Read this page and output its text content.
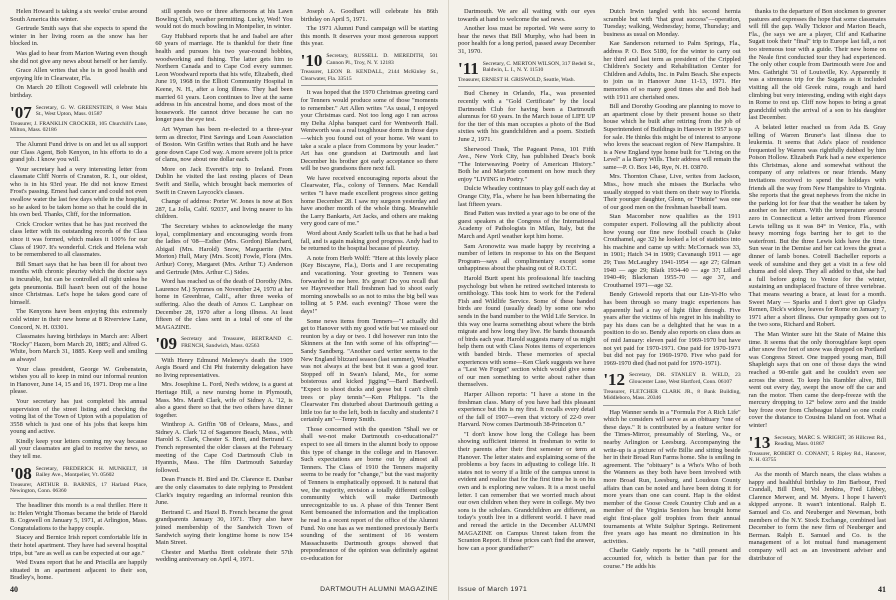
Helen Howard is taking a six weeks' cruise around South America this winter.

Gertrude Smith says that she expects to spend the winter in her living room as the snow has her blocked in.

Was glad to hear from Marion Waring even though she did not give any news about herself or her family.

Grace Allen writes that she is in good health and enjoying life in Clearwater, Fla.

On March 20 Elliott Cogswell will celebrate his birthday.

'07 Secretary, G. W. GREENSTEIN, 8 West Main St., West Upton, Mass. 01587
Treasurer, J. FRANKLIN CROCKER, 105 Churchill's Lane, Milton, Mass. 02186

The Alumni Fund drive is on and let us all support our Class Agent, Bob Kenyon, in his efforts to do a grand job. I know you will.

Your secretary had a very interesting letter from classmate Cliff Norris of Cranston, R. I., our oldest, who is in his 93rd year. He did not know Ernest Frost's passing. Ernest had cancer and could not even swallow water the last few days while in the hospital, so he asked to be taken home so that he could die in his own bed. Thanks, Cliff, for the information.

Crick Crocker writes that he has just received the class letter with its outstanding records of the Class since it was formed, which makes it 100% for our Class of 1907. It's wonderful. Crick and Helena wish to be remembered to all classmates.

Bill Smart says that he has been ill for about two months with chronic pleurisy which the doctor says is incurable, but can be controlled all right unless he gets pneumonia. Bill hasn't been out of the house since Christmas. Let's hope he takes good care of himself.

The Kenyons have been enjoying this extremely cold winter in their new home at 8 Riverview Lane, Concord, N. H. 03301.

Classmates having birthdays in March are: Albert "Rocky" Hazen, born March 20, 1885; and Alfred G. White, born March 31, 1885. Keep well and smiling as always!

Your class president, George W. Grebenstein, wishes you all to keep in mind our informal reunion in Hanover, June 14, 15 and 16, 1971. Drop me a line please.

Your secretary has just completed his annual supervision of the street listing and checking the voting list of the Town of Upton with a population of 3558 which is just one of his jobs that keeps him young and active.

Kindly keep your letters coming my way because all your classmates are glad to receive the news, so they tell me.

'08 Secretary, FREDERICK H. MUNKELT, 18 Bailey Ave., Montpelier, Vt. 05602
Treasurer, ARTHUR B. BARNES, 17 Harland Place, Newington, Conn. 06360

The headliner this month is a real thriller. Here it is: Helen Wright Thomas became the bride of Harold B. Cogswell on January 5, 1971, at Arlington, Mass. Congratulations to the happy couple.

Stacey and Bernice Irish report comfortable life in their hotel apartment. They have had several hospital trips, but "are as well as can be expected at our age."

Wed Evans report that he and Priscilla are happily situated in an apartment adjacent to their son, Bradley's, home.

still spends two or three afternoons at his Lawn Bowling Club, weather permitting. Lucky, Wed! You would not do much bowling in Montpelier, in winter.

Guy Hubbard reports that he and Isabel are after 60 years of marriage. He is thankful for their fine health and pursues his two year-round hobbies, woodworking and fishing. The latter gets him to Northern Canada and to Cape Cod every summer. Leon Woodward reports that his wife, Elizabeth, died June 19, 1968 in the Elliott Community Hospital in Keene, N. H., after a long illness. They had been married 61 years. Leon continues to live at the same address in his ancestral home, and does most of the housework. He cannot drive because he can no longer pass the eye test.

Art Wyman has been re-elected to a three-year term as director, First Savings and Loan Association of Boston. Win Griffin writes that Ruth and he have gone down Cape Cod way. A more severe jolt is price of clams, now about one dollar each.

More on Jack Everett's trip to Ireland. From Dublin he visited the last resting places of Dean Swift and Stella, which brought back memories of Swift in Craven Laycock's classes.

Change of address: Porter W. Jones is now at Box 287, La Jolla, Calif. 92037, and living nearer to his children.

The Secretary wishes to acknowledge the many loyal, complimentary and encouraging words from the ladies of '08—Esther (Mrs. Gordon) Blanchard, Abigail (Mrs. Harold) Snow, Marguerite (Mrs. Morton) Hull, Mary (Mrs. Scott) Fowle, Flora (Mrs. Arthur) Corey, Margaret (Mrs. Arthur T.) Anderson and Gertrude (Mrs. Arthur C.) Sides.

Word has reached us of the death of Dorothy (Mrs. Laurence M.) Symmes on November 24, 1970 at her home in Greenbrae, Calif., after three weeks of suffering. Also the death of Amos C. Lanphear on December 28, 1970 after a long illness. At least fifteen of the class sent in a total of one of the MAGAZINE.

'09 Secretary and Treasurer, BERTRAND C. FRENCH, Sandwich, Mass. 02563

With Henry Edmund Meleney's death the 1909 Aegis Board and Chi Phi fraternity delegation have no living representatives.

Mrs. Josephine L. Ford, Ned's widow, is a guest at Heritage Hill, a new nursing home in Plymouth, Mass. Mrs. Mardi Clark, wife of Sidney A. '12, is also a guest there so that the two others have dinner together.

Winthrop A. Griffin '08 of Orleans, Mass., and Sidney A. Clark '12 of Sagamore Beach, Mass., with Harold S. Clark, Chester S. Brett, and Bertrand C. French represented the older classes at the February meeting of the Cape Cod Dartmouth Club in Hyannis, Mass. The film Dartmouth Saturday followed.

Dean Francis H. Bird and Dr. Clarence E. Dunbar are the only classmates to date replying to President Clark's inquiry regarding an informal reunion this June.

Bertrand C. and Hazel B. French became the great grandparents January 30, 1971. They also have joined membership of the Sandwich Town of Sandwich saying their longtime home is now 154 Main Street.

Chester and Martha Brett celebrate their 57th wedding anniversary on April 4, 1971.

Joseph A. Goodhart will celebrate his 86th birthday on April 5, 1971.

The 1971 Alumni Fund campaign will be starting this month. It deserves your most generous support this year.

'10 Secretary, RUSSELL D. MEREDITH, 501 Cannon Pl., Troy, N. Y. 12183
Treasurer, LEON B. KENDALL, 2144 McKinley St., Clearwater, Fla. 33515

It was hoped that the 1970 Christmas greeting card for Tenners would produce some of those "moments to remember." Art Allen writes "As usual, I enjoyed your Christmas card. Not too long ago I ran across my Delta Alpha banquet card for Wentworth Hall. Wentworth was a real toughhouse dorm in those days—which you found out of your home. We want to take a scale a place from Commons by your leader." Art has one grandson at Dartmouth and last December his brother got early acceptance so there will be two grandsons there next fall.

We have received encouraging reports about the Clearwater, Fla., colony of Tenners. Mac Kendall writes "I have made excellent progress since getting home December 28. I saw my surgeon yesterday and have another month of the whole thing. Meanwhile the Larry Bankarts, Art Jacks, and others are making very good care of me."

Word about Andy Scarlett tells us that he had a bad fall, and is again making good progress. Andy had to be returned to the hospital because of pleurisy.

A note from Herb Wolff: "Here at this lovely place (Key Biscayne, Fla.), Doris and I are recuperating and vacationing. Your greeting to Tenners was forwarded to me here. It's great! Do you recall that we Hayrewether Hall freshmen had to shoot early morning snowballs so as not to miss the big bell was tolling at 5 P.M. each evening? Those were the days!"

Some news items from Tenners—"I actually did get to Hanover with my good wife but we missed our reunion by a day or two. I did however run into the Skinners at the Inn with some of his offspring"—Sandy Sandberg. "Another card writer seems to the New England blizzard season (last summer), Weather was not always at the best but it was a good tour. Stopped off in Swan's Island, Me., for some boisterous and kicked jigging"—Bard Bardwell. "Expect to shoot ducks and geese but I can't climb trees or play tennis"—Ken Philipps. "Is the Clearwater I'm disturbed about Dartmouth getting a little too far to the left, both in faculty and students? I certainly am"—Tenny Smith.

Those concerned with the question "Shall we or shall we-not make Dartmouth co-educational?" expect to see all timers in the alumni body to oppose this type of change in the college and in Hanover. Such expectations are borne out by almost all Tenners. The Class of 1910 the Tenners majority seems to be ready for "change," but the vast majority of Tenners is emphatically opposed. It is natural that we, the majority, envision a totally different college community which will make Dartmouth unrecognizable to us. A phase of this Tenner Bent Kent bemoaned the information and the implication he read in a recent report of the office of the Alumni Fund. No one has as we mentioned previously Bert's sounding of the sentiment of 16 western Massachusetts Dartmouth groups showed that preponderance of the opinion was definitely against co-education for

40	DARTMOUTH ALUMNI MAGAZINE

Dartmouth. We are all waiting with our eyes towards at hand to welcome the sad news.

Another loss must be reported. We were sorry to hear the news that Bill Murphy, who had been in poor health for a long period, passed away December 31, 1970.

'11 Secretary, C. MERTON WILSON, 317 Bedell St., Baldwin, L. I., N. Y. 11510
Treasurer, ERNEST H. GRISWOLD, Seattle, Wash.

Bud Cheney in Orlando, Fla., was presented recently with a "Gold Certificate" by the local Dartmouth Club for having been a Dartmouth alumnus for 60 years. In the March issue of LIFE UP for the tier of this man occupies a photo of the Bud sixties with his grandchildren and a poem. Sixtieth June 2, 1971.

Sherwood Trask, The Pageant Press, 101 Fifth Ave., New York City, has published Deac's book "The Interweaving Poetry of American History." Both he and Marjorie comment on how much they enjoy "LIVING in Poetry."

Dulcie Wheatley continues to play golf each day at Orange City, Fla., where he has been hibernating the last fifteen years.

Brad Patten was invited a year ago to be one of the guest speakers at the Congress of the International Academy of Pathologists in Milan, Italy, but the March and April weather kept him home.

Sam Aronowitz was made happy by receiving a number of letters in response to his on the Bequest Program—says all complimentary except some unhappiness about the phasing out of R.O.T.C.

Harold Burtt spent his professional life teaching psychology but when he retired switched interests to ornithology. This took him to work for the Federal Fish and Wildlife Service. Some of these banded birds are found (usually dead) by some one who sends in the band number to the Wild Life Service. In this way one learns something about where the birds migrate and how long they live. He bands thousands of birds each year. Harold suggests many of us might help them out with Class Notes items of experiences with banded birds. These memories of special experiences with some—Ken Clark suggests we have a "Lest We Forget" section which would give some of our men something to write about rather than themselves.

Harper Allison reports: "I have a stone in the freshman class. Many of you have had this pleasant experience but this is my first. It recalls every detail of the fall of 1907—even that victory of 22-0 over Harvard. Now comes Dartmouth 38-Princeton 0."

"I don't know how long the College has been showing sufficient interest in freshman to write to their parents after their first semester or term at Hanover. The letter states and explaining some of the problems a boy faces in adjusting to college life. It states not to worry if a little of the campus unrest is evident and realize that for the first time he is on his own and is exploring new values. It is a most useful letter. I can remember that we worried much about our own children when they were in college. My two sons is the scholars. Grandchildren are different, as today's youth live in a different world. I have read and reread the article in the December ALUMNI MAGAZINE on Campus Unrest taken from the Scranton Report. If those prices can't find the answer, how can a poor grandfather?"

Dutch Irwin tangled with his second hernia scramble but with "that great success"—operation, Tuesday; walking, Wednesday; home, Thursday; and business as usual on Monday.

Kae Sanderson returned to Palm Springs, Fla., address P. O. Box 5180, for the winter to carry out her third and last term as president of the Crippled Children's Society and Rehabilitation Center for Children and Adults, Inc. in Palm Beach. She expects to join us in Hanover June 11-13, 1971. Her memories of so many good times she and Bob had with 1911 are cherished ones.

Bill and Dorothy Gooding are planning to move to an apartment close by their present house so their house which he built after retiring from the job of Superintendent of Buildings in Hanover in 1957 is up for sale. He thinks this might be of interest to anyone who loves the seacoast region of New Hampshire. It is a New England type home built for "Living on the Level" a la Barry Wills. Their address will remain the same—P. O. Box 146, Rye, N. H. 03870.

Mrs. Thornton Chase, Live, writes from Jackson, Miss., how much she misses the Burlachs who usually stopped to visit them on their way to Florida. Their younger daughter, Glenn, or "Heinie" was one of our good men on the freshman baseball team.

Stan Macomber now qualifies as the 1911 computer expert. Following all the publicity about how young our fine new football coach is (Jake Crouthamel, age 32) he looked a lot of statistics into his machine and came up with: McCornack was 33, in 1901; Hatch 34 in 1909; Cavanaugh 1911 — age 29; Tuss McLaughry 1941-1954 — age 27; Gilman 1940 — age 29; Blaik 1934-40 — age 37; Lillard 1940-49; Blackman 1955-70 — age 37, and Crouthamel 1971—age 32.

Bendy Griswold reports that our Lin-Yi-Ho who has been through so many tragic experiences has apparently had a ray of light filter through. Five years after the victims of his regret in his inability to pay his dues can be a delighted that he was in a position to do so. Bendy also reports on class dues as of mid January: eleven paid for 1969-1970 but have not yet paid for 1970-1971. One paid for 1970-1971 but did not pay for 1969-1970. Five who paid for 1969-1970 died (had not paid for 1970-1971).

'12 Secretary, DR. STANLEY B. WELD, 23 Gloucester Lane, West Hartford, Conn. 06107
Treasurer, FLETCHER CLARK JR., 8 Bank Building, Middleboro, Mass. 20346

Hap Wanner sends in a "Formula For A Rich Life" which he considers will serve as an obituary "one of these days." It is contributed by a feature writer for the Times-Mirror, presumably of Sterling, Va., or nearby Arlington or Leesburg. Accompanying the write-up is a picture of wife Billie and sitting beside her in their Broad Run Farms home. She is smiling in agreement. The "obituary" is a Who's Who of both the Wanners as they both have been involved with more Broad Run, Leesburg, and Loudoun County affairs than can be noted and have been doing it for more years than one can count. Hap is the oldest member of the Goose Creek Country Club and as a member of the Virginia Seniors has brought home eight first-place golf trophies from their annual tournaments at White Sulphur Springs. Retirement five years ago has meant no diminution in his activities.

Charlie Gately reports he is "still present and accounted for, which is better than par for the course." He adds his

thanks to the departure of Bon stockmen to greener pastures and expresses the hope that some classmates will fill the gap. Wally Ticknor and Marion Beach, Fla., (he says we are a player, Clif and Katharine Sugatt took their "final" trip to Europe last fall, a not too strenuous tour with a guide. Their new home on the Neale first conducted tour they had experienced. The only other couple from Dartmouth were Joe and Mrs. Gathright '31 of Louisville, Ky. Apparently it was a strenuous trip for the Sugatts as it included visiting all the old Greek ruins, rough and hard climbing but very interesting, ending with eight days in Rome to rest up. Cliff now hopes to bring a great grandchild with the arrival of a son to his daughter last December.

A belated letter reached us from Ada B. Gray telling of Warren Bruner's last illness due to leukemia. It seems that Ada's place of residence frequented by Warren was rightfully dubbed by him Poison Hollow. Elizabeth Park had a new experience this Christmas, alone and somewhat without the company of any relatives or near friends. Many invitations received to spend the holidays with friends all the way from New Hampshire to Virginia. She reports that the great nephews from the niche in the parking lot for fear that the weather he taken by another on her return. With the temperature around zero in Connecticut a letter arrived from Florence Lewis telling us it was 84° in Venice, Fla., with heavy morning fogs barring her to get to the waterfront. But the three Lewis kids have the time. Sun wear in the Demise and her cat loves the great a dinner of lamb bones. Cotrell Bacheller reports a week of sunshine and they get a visit in a few old chums and old sleep. They all added to that, she had a full before going to Venice for the winter, sustaining an undisplaced fracture of three vertebrae. That means wearing a brace, at least for a month. Sweet Mary — Sparks and I don't give up Gladys Remen, Dick's widow, leaves for Rome on January 7, 1971 after a short illness. Our sympathy goes out to the two sons, Richard and Robert.

The Man Winter sure hit the State of Maine this time. It seems that the only thoroughfare kept open after snow five feet of snow was dropped on Portland was Congress Street. One trapped young man, Bill Shapleigh says that on one of those days the wind reached a 90-mile gait and he couldn't even see across the street. To keep his Rambler alive, Bill went out every day, swept the snow off the car and ran the motor. Then came the deep-freeze with the mercury dropping to 12° below zero and the inside bay froze over from Chebeague Island so one could cover the distance to Cousins Island on foot. What a winter!

'13 Secretary, MARC S. WRIGHT, 36 Hillcrest Rd., Reading, Mass. 01867
Treasurer, ROBERT O. CONANT, 5 Ripley Rd., Hanover, N. H. 03755

As the month of March nears, the class wishes a happy and healthful birthday to Jim Barbour, Fred Crandall, Bill Dent, Vol Jenkins, Fred Libbey, Clarence Merwer, and M. Myers. I hope I haven't skipped anyone. It wasn't intentional. Ralph E. Samuel and Co. and Neuberger and Newman, both members of the N.Y. Stock Exchange, combined last December to form the new firm of Neuberger and Berman. Ralph E. Samuel and Co. is the management of a lot mutual fund management company will act as an investment adviser and distributor of

Issue of March 1971	41
